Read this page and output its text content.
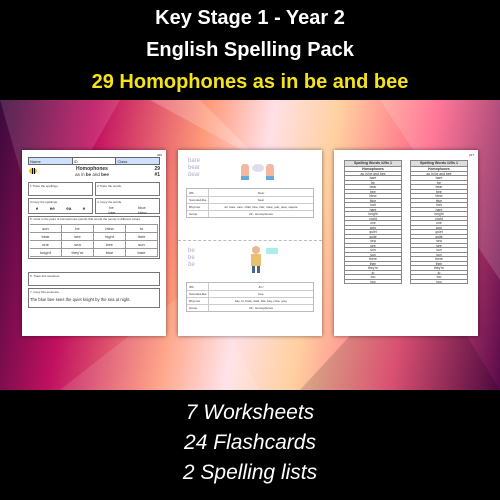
Key Stage 1 - Year 2
English Spelling Pack
29 Homophones as in be and bee
369
Name	ID	Class
Homophones
as in be and bee
29
#1
1.Trace the spellings.	2.Trace the words.
3.Copy the spellings.
e	ee	ea	e
4. Copy the words.
be	blue
bee	blew
5. Color in the pairs of homophones (words that sound the same) in different colors.
son	be	blew	to
bear	see	night	their
one	sea	bee	sun
knight	they're	blue	bare
6. Trace this sentence.
7. Copy this sentence.
The blue bee sees the quiet knight by the sea at night.
bare
bear
bear
IPA	/bɛə/
Sounded-like	bear
Rhymes	air, bare, care, chair, fare, hair, mare, pair, pear, square
Group	29 - Homophones
be
be
be
IPA	/biː/
Sounded-like	bee
Rhymes	bay, bi, bode, bale, bile, bay, robe, grey
Group	29 - Homophones
247
Spelling Words #29s 1
Homophones
as in be and bee
bare
be
bear
bee
blew
blue
hair
hare
knight
night
one
won
quiet
quite
sea
see
son
sun
there
their
they're
to
too
two
Spelling Words #29s 1
Homophones
as in be and bee
bare
be
bear
bee
blew
blue
hair
hare
knight
night
one
won
quiet
quite
sea
see
son
sun
there
their
they're
to
too
two
7 Worksheets
24 Flashcards
2 Spelling lists
